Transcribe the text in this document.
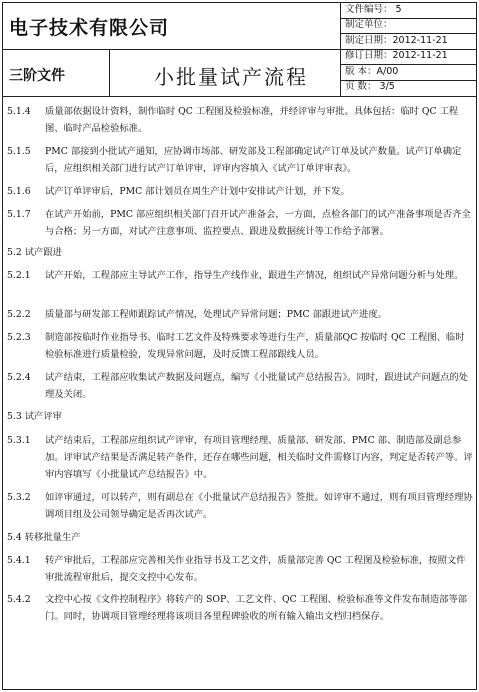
电子技术有限公司
三阶文件	小批量试产流程
文件编号： 5
制定单位：
制定日期：2012-11-21
修订日期：2012-11-21
版 本：A/00
页 数： 3/5
5.1.4 质量部依据设计资料，制作临时 QC 工程图及检验标准，并经评审与审批。具体包括：临时 QC 工程图、临时产品检验标准。
5.1.5 PMC 部接到小批试产通知，应协调市场部、研发部及工程部确定试产订单及试产数量。试产订单确定后，应组织相关部门进行试产订单评审，评审内容填入《试产订单评审表》。
5.1.6 试产订单评审后，PMC 部计划员在周生产计划中安排试产计划，并下发。
5.1.7 在试产开始前，PMC 部应组织相关部门召开试产准备会，一方面，点检各部门的试产准备事项是否齐全与合格；另一方面，对试产注意事项、监控要点、跟进及数据统计等工作给予部署。
5.2 试产跟进
5.2.1 试产开始，工程部应主导试产工作，指导生产线作业，跟进生产情况，组织试产异常问题分析与处理。
5.2.2 质量部与研发部工程师跟踪试产情况，处理试产异常问题；PMC 部跟进试产进度。
5.2.3 制造部按临时作业指导书、临时工艺文件及特殊要求等进行生产，质量部QC 按临时 QC 工程图、临时检验标准进行质量检验，发现异常问题，及时反馈工程部跟线人员。
5.2.4 试产结束，工程部应收集试产数据及问题点，编写《小批量试产总结报告》。同时，跟进试产问题点的处理及关闭。
5.3 试产评审
5.3.1 试产结束后，工程部应组织试产评审，有项目管理经理、质量部、研发部、PMC 部、制造部及副总参加。评审试产结果是否满足转产条件，还存在哪些问题，相关临时文件需修订内容，判定是否转产等。评审内容填写《小批量试产总结报告》中。
5.3.2 如评审通过，可以转产，则有副总在《小批量试产总结报告》签批。如评审不通过，则有项目管理经理协调项目组及公司领导确定是否再次试产。
5.4 转移批量生产
5.4.1 转产审批后，工程部应完善相关作业指导书及工艺文件，质量部完善 QC 工程图及检验标准，按照文件审批流程审批后，提交文控中心发布。
5.4.2 文控中心按《文件控制程序》将转产的 SOP、工艺文件、QC 工程图、检验标准等文件发布制造部等部门。同时，协调项目管理经理将该项目各里程碑验收的所有输入输出文档归档保存。
